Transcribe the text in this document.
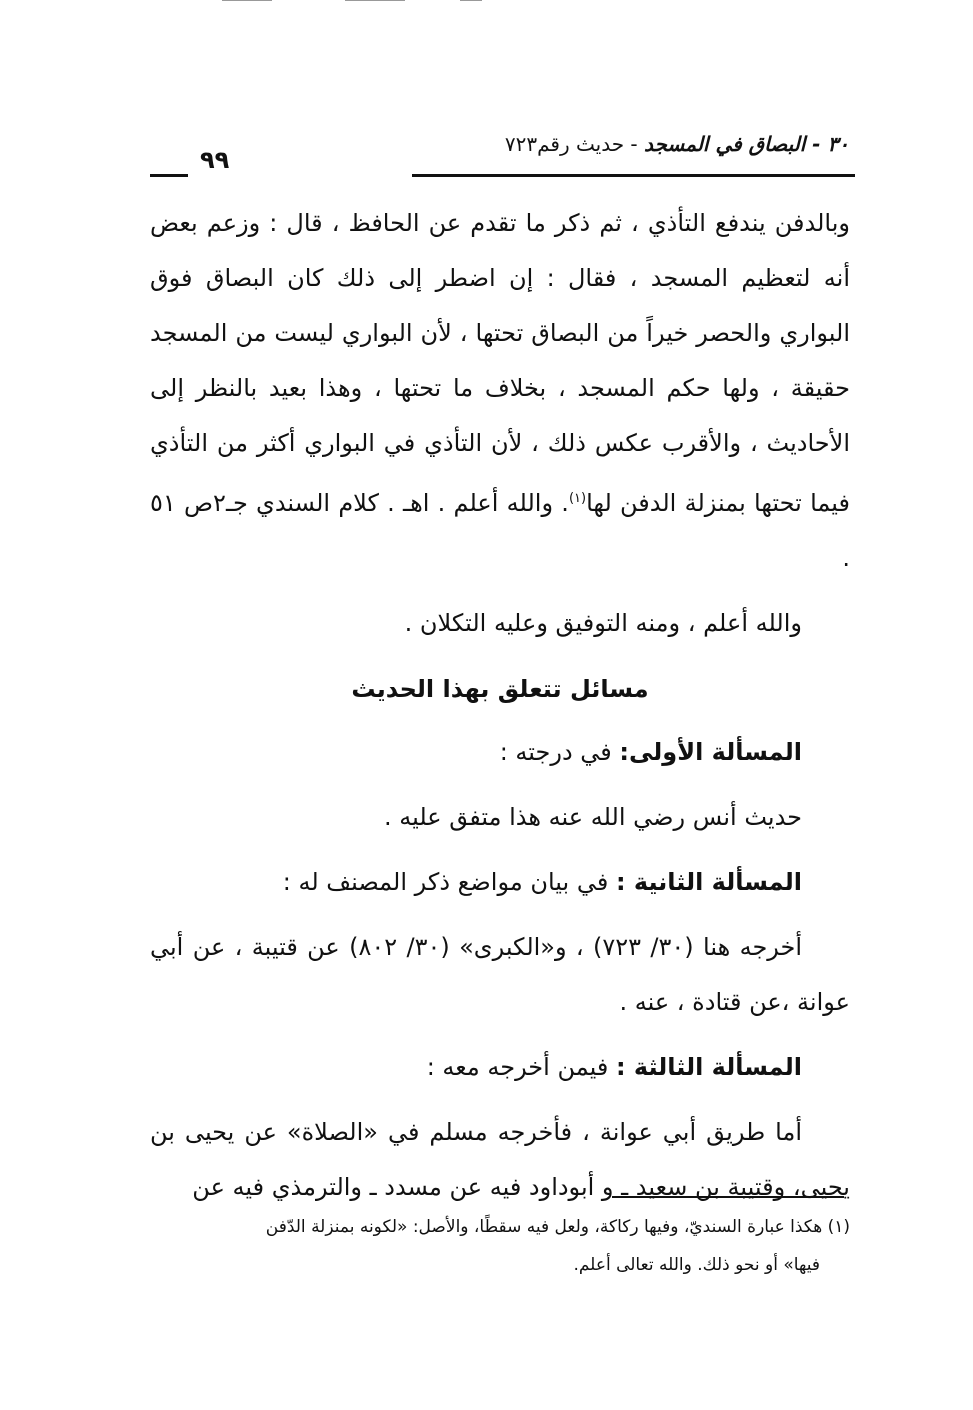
٣٠ - البصاق في المسجد - حديث رقم٧٢٣
٩٩

وبالدفن يندفع التأذي ، ثم ذكر ما تقدم عن الحافظ ، قال : وزعم بعض أنه لتعظيم المسجد ، فقال : إن اضطر إلى ذلك كان البصاق فوق البواري والحصر خيراً من البصاق تحتها ، لأن البواري ليست من المسجد حقيقة ، ولها حكم المسجد ، بخلاف ما تحتها ، وهذا بعيد بالنظر إلى الأحاديث ، والأقرب عكس ذلك ، لأن التأذي في البواري أكثر من التأذي فيما تحتها بمنزلة الدفن لها$^{(١)}$. والله أعلم . اهـ . كلام السندي جـ٢ص ٥١ .

والله أعلم ، ومنه التوفيق وعليه التكلان .

مسائل تتعلق بهذا الحديث

المسألة الأولى: في درجته :

حديث أنس رضي الله عنه هذا متفق عليه .

المسألة الثانية : في بيان مواضع ذكر المصنف له :

أخرجه هنا (٣٠/ ٧٢٣) ، و«الكبرى» (٣٠/ ٨٠٢) عن قتيبة ، عن أبي عوانة ،عن قتادة ، عنه .

المسألة الثالثة : فيمن أخرجه معه :

أما طريق أبي عوانة ، فأخرجه مسلم في «الصلاة» عن يحيى بن يحيى، وقتيبة بن سعيد ـ و أبوداود فيه عن مسدد ـ والترمذي فيه عن

(١) هكذا عبارة السنديّ، وفيها ركاكة، ولعل فيه سقطًا، والأصل: «لكونه بمنزلة الدّفن

فيها» أو نحو ذلك. والله تعالى أعلم.
